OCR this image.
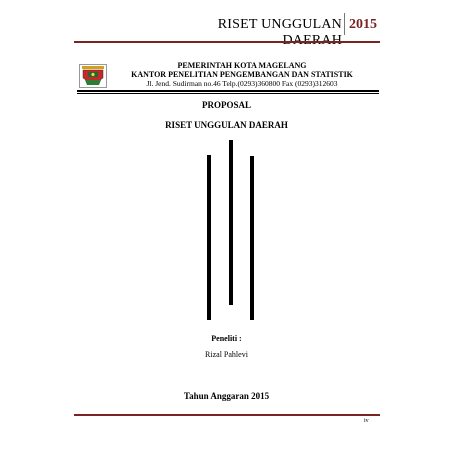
RISET UNGGULAN 2015
PEMERINTAH KOTA MAGELANG
KANTOR PENELITIAN PENGEMBANGAN DAN STATISTIK
Jl. Jend. Sudirman no.46 Telp.(0293)360800 Fax (0293)312603
PROPOSAL
RISET UNGGULAN DAERAH
Peneliti :
Rizal Pahlevi
Tahun Anggaran 2015
iv
